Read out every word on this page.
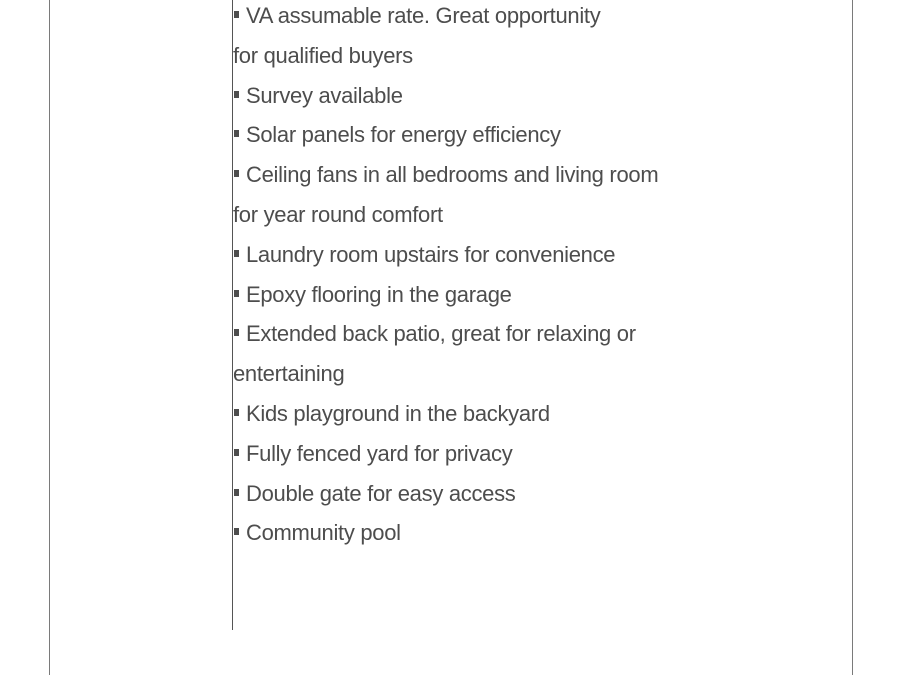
VA assumable rate. Great opportunity
for qualified buyers
Survey available
Solar panels for energy efficiency
Ceiling fans in all bedrooms and living room
for year round comfort
Laundry room upstairs for convenience
Epoxy flooring in the garage
Extended back patio, great for relaxing or
entertaining
Kids playground in the backyard
Fully fenced yard for privacy
Double gate for easy access
Community pool
